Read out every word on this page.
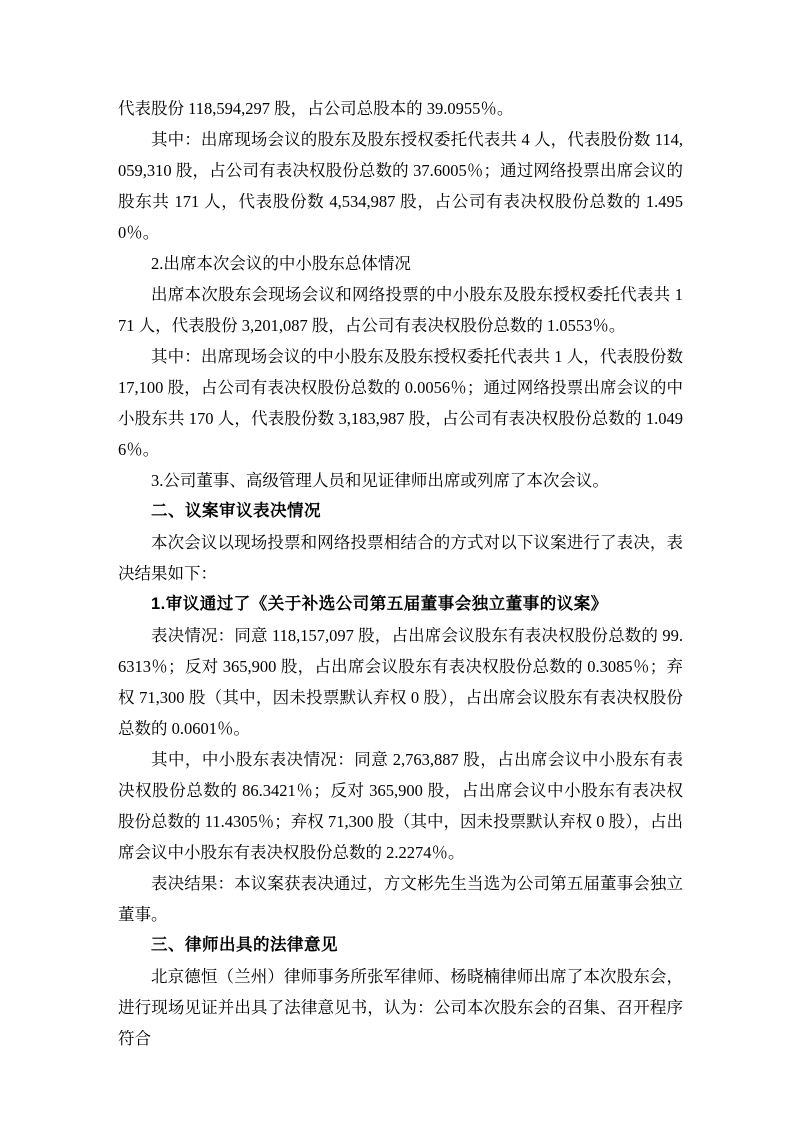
代表股份 118,594,297 股，占公司总股本的 39.0955％。

其中：出席现场会议的股东及股东授权委托代表共 4 人，代表股份数 114,059,310 股，占公司有表决权股份总数的 37.6005％；通过网络投票出席会议的股东共 171 人，代表股份数 4,534,987 股，占公司有表决权股份总数的 1.4950％。

2.出席本次会议的中小股东总体情况

出席本次股东会现场会议和网络投票的中小股东及股东授权委托代表共 171 人，代表股份 3,201,087 股，占公司有表决权股份总数的 1.0553％。

其中：出席现场会议的中小股东及股东授权委托代表共 1 人，代表股份数 17,100 股，占公司有表决权股份总数的 0.0056％；通过网络投票出席会议的中小股东共 170 人，代表股份数 3,183,987 股，占公司有表决权股份总数的 1.0496％。

3.公司董事、高级管理人员和见证律师出席或列席了本次会议。

二、议案审议表决情况

本次会议以现场投票和网络投票相结合的方式对以下议案进行了表决，表决结果如下：

1.审议通过了《关于补选公司第五届董事会独立董事的议案》

表决情况：同意 118,157,097 股，占出席会议股东有表决权股份总数的 99.6313％；反对 365,900 股，占出席会议股东有表决权股份总数的 0.3085％；弃权 71,300 股（其中，因未投票默认弃权 0 股），占出席会议股东有表决权股份总数的 0.0601％。

其中，中小股东表决情况：同意 2,763,887 股，占出席会议中小股东有表决权股份总数的 86.3421％；反对 365,900 股，占出席会议中小股东有表决权股份总数的 11.4305％；弃权 71,300 股（其中，因未投票默认弃权 0 股），占出席会议中小股东有表决权股份总数的 2.2274％。

表决结果：本议案获表决通过，方文彬先生当选为公司第五届董事会独立董事。

三、律师出具的法律意见

北京德恒（兰州）律师事务所张军律师、杨晓楠律师出席了本次股东会，进行现场见证并出具了法律意见书，认为：公司本次股东会的召集、召开程序符合
